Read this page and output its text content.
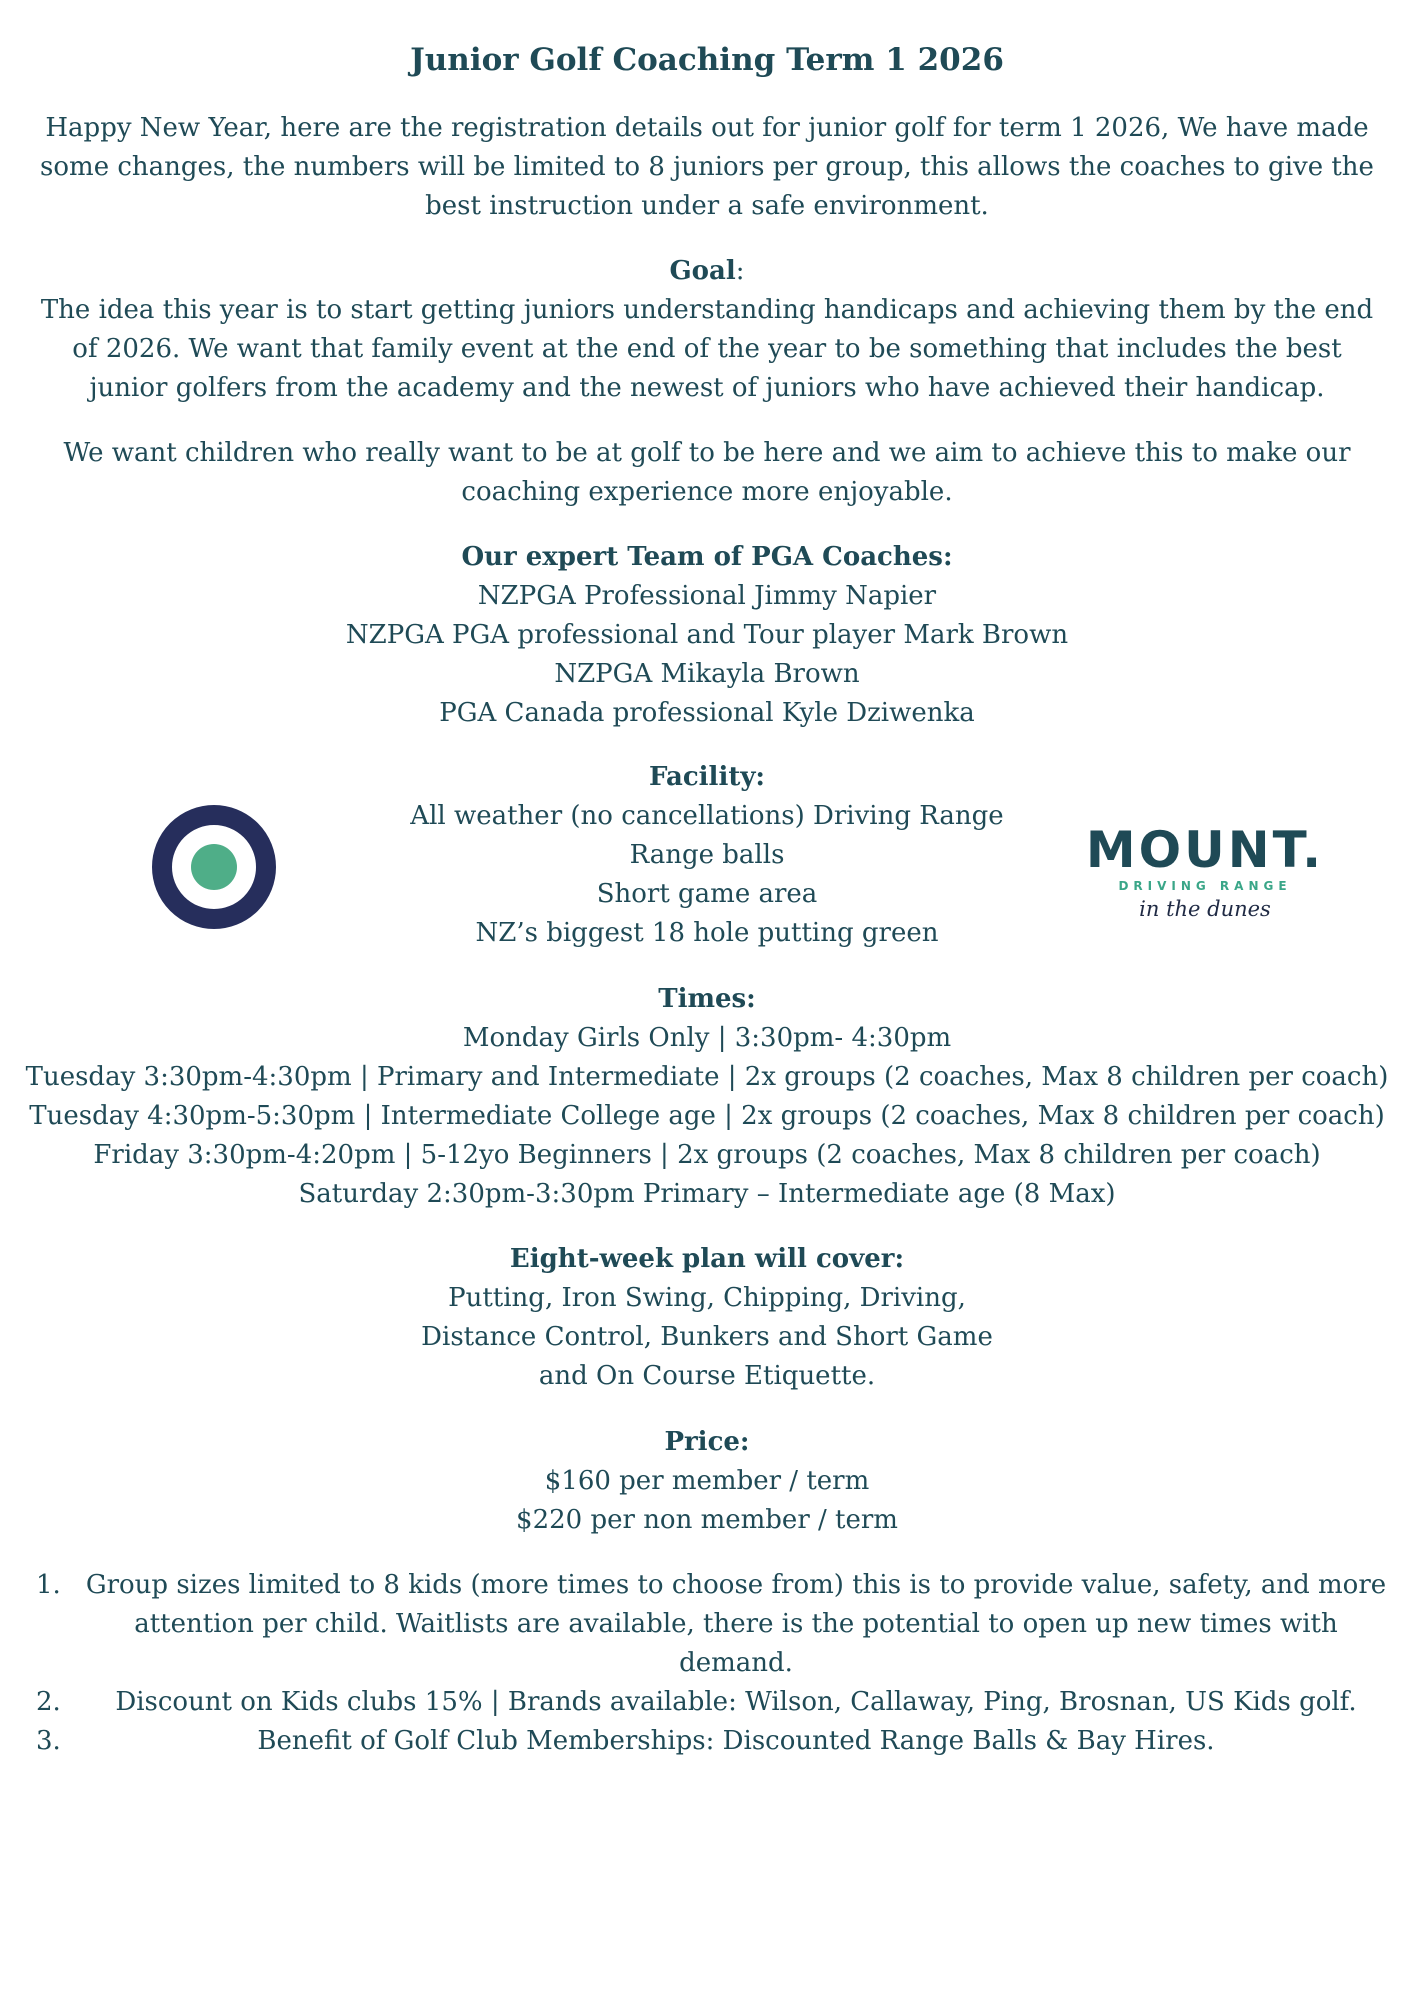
Junior Golf Coaching Term 1 2026
Happy New Year, here are the registration details out for junior golf for term 1 2026, We have made some changes, the numbers will be limited to 8 juniors per group, this allows the coaches to give the best instruction under a safe environment.
Goal:
The idea this year is to start getting juniors understanding handicaps and achieving them by the end of 2026. We want that family event at the end of the year to be something that includes the best junior golfers from the academy and the newest of juniors who have achieved their handicap.
We want children who really want to be at golf to be here and we aim to achieve this to make our coaching experience more enjoyable.
Our expert Team of PGA Coaches:
NZPGA Professional Jimmy Napier
NZPGA PGA professional and Tour player Mark Brown
NZPGA Mikayla Brown
PGA Canada professional Kyle Dziwenka
Facility:
All weather (no cancellations) Driving Range
Range balls
Short game area
NZ’s biggest 18 hole putting green
MOUNT.
DRIVING RANGE
in the dunes
Times:
Monday Girls Only | 3:30pm- 4:30pm
Tuesday 3:30pm-4:30pm | Primary and Intermediate | 2x groups (2 coaches, Max 8 children per coach)
Tuesday 4:30pm-5:30pm | Intermediate College age | 2x groups (2 coaches, Max 8 children per coach)
Friday 3:30pm-4:20pm | 5-12yo Beginners | 2x groups (2 coaches, Max 8 children per coach)
Saturday 2:30pm-3:30pm Primary – Intermediate age (8 Max)
Eight-week plan will cover:
Putting, Iron Swing, Chipping, Driving,
Distance Control, Bunkers and Short Game
and On Course Etiquette.
Price:
$160 per member / term
$220 per non member / term
1. Group sizes limited to 8 kids (more times to choose from) this is to provide value, safety, and more attention per child. Waitlists are available, there is the potential to open up new times with demand.
2.	Discount on Kids clubs 15% | Brands available: Wilson, Callaway, Ping, Brosnan, US Kids golf.
3.	Benefit of Golf Club Memberships: Discounted Range Balls & Bay Hires.
